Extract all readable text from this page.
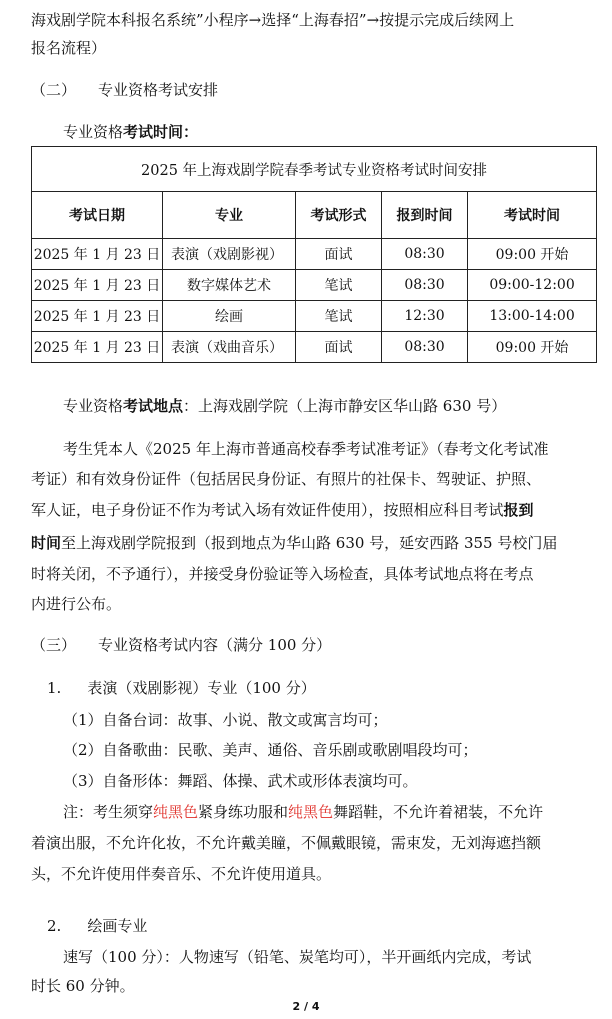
海戏剧学院本科报名系统”小程序→选择“上海春招”→按提示完成后续网上
报名流程）
（二） 专业资格考试安排
专业资格考试时间：
2025 年上海戏剧学院春季考试专业资格考试时间安排				
考试日期	专业	考试形式	报到时间	考试时间
2025 年 1 月 23 日	表演（戏剧影视）	面试	08:30	09:00 开始
2025 年 1 月 23 日	数字媒体艺术	笔试	08:30	09:00-12:00
2025 年 1 月 23 日	绘画	笔试	12:30	13:00-14:00
2025 年 1 月 23 日	表演（戏曲音乐）	面试	08:30	09:00 开始
专业资格考试地点：上海戏剧学院（上海市静安区华山路 630 号）
考生凭本人《2025 年上海市普通高校春季考试准考证》（春考文化考试准
考证）和有效身份证件（包括居民身份证、有照片的社保卡、驾驶证、护照、
军人证，电子身份证不作为考试入场有效证件使用），按照相应科目考试报到
时间至上海戏剧学院报到（报到地点为华山路 630 号，延安西路 355 号校门届
时将关闭，不予通行），并接受身份验证等入场检查，具体考试地点将在考点
内进行公布。
（三） 专业资格考试内容（满分 100 分）
1. 表演（戏剧影视）专业（100 分）
（1）自备台词：故事、小说、散文或寓言均可；
（2）自备歌曲：民歌、美声、通俗、音乐剧或歌剧唱段均可；
（3）自备形体：舞蹈、体操、武术或形体表演均可。
注：考生须穿纯黑色紧身练功服和纯黑色舞蹈鞋，不允许着裙装，不允许
着演出服，不允许化妆，不允许戴美瞳，不佩戴眼镜，需束发，无刘海遮挡额
头，不允许使用伴奏音乐、不允许使用道具。
2. 绘画专业
速写（100 分）：人物速写（铅笔、炭笔均可），半开画纸内完成，考试
时长 60 分钟。
2 / 4
